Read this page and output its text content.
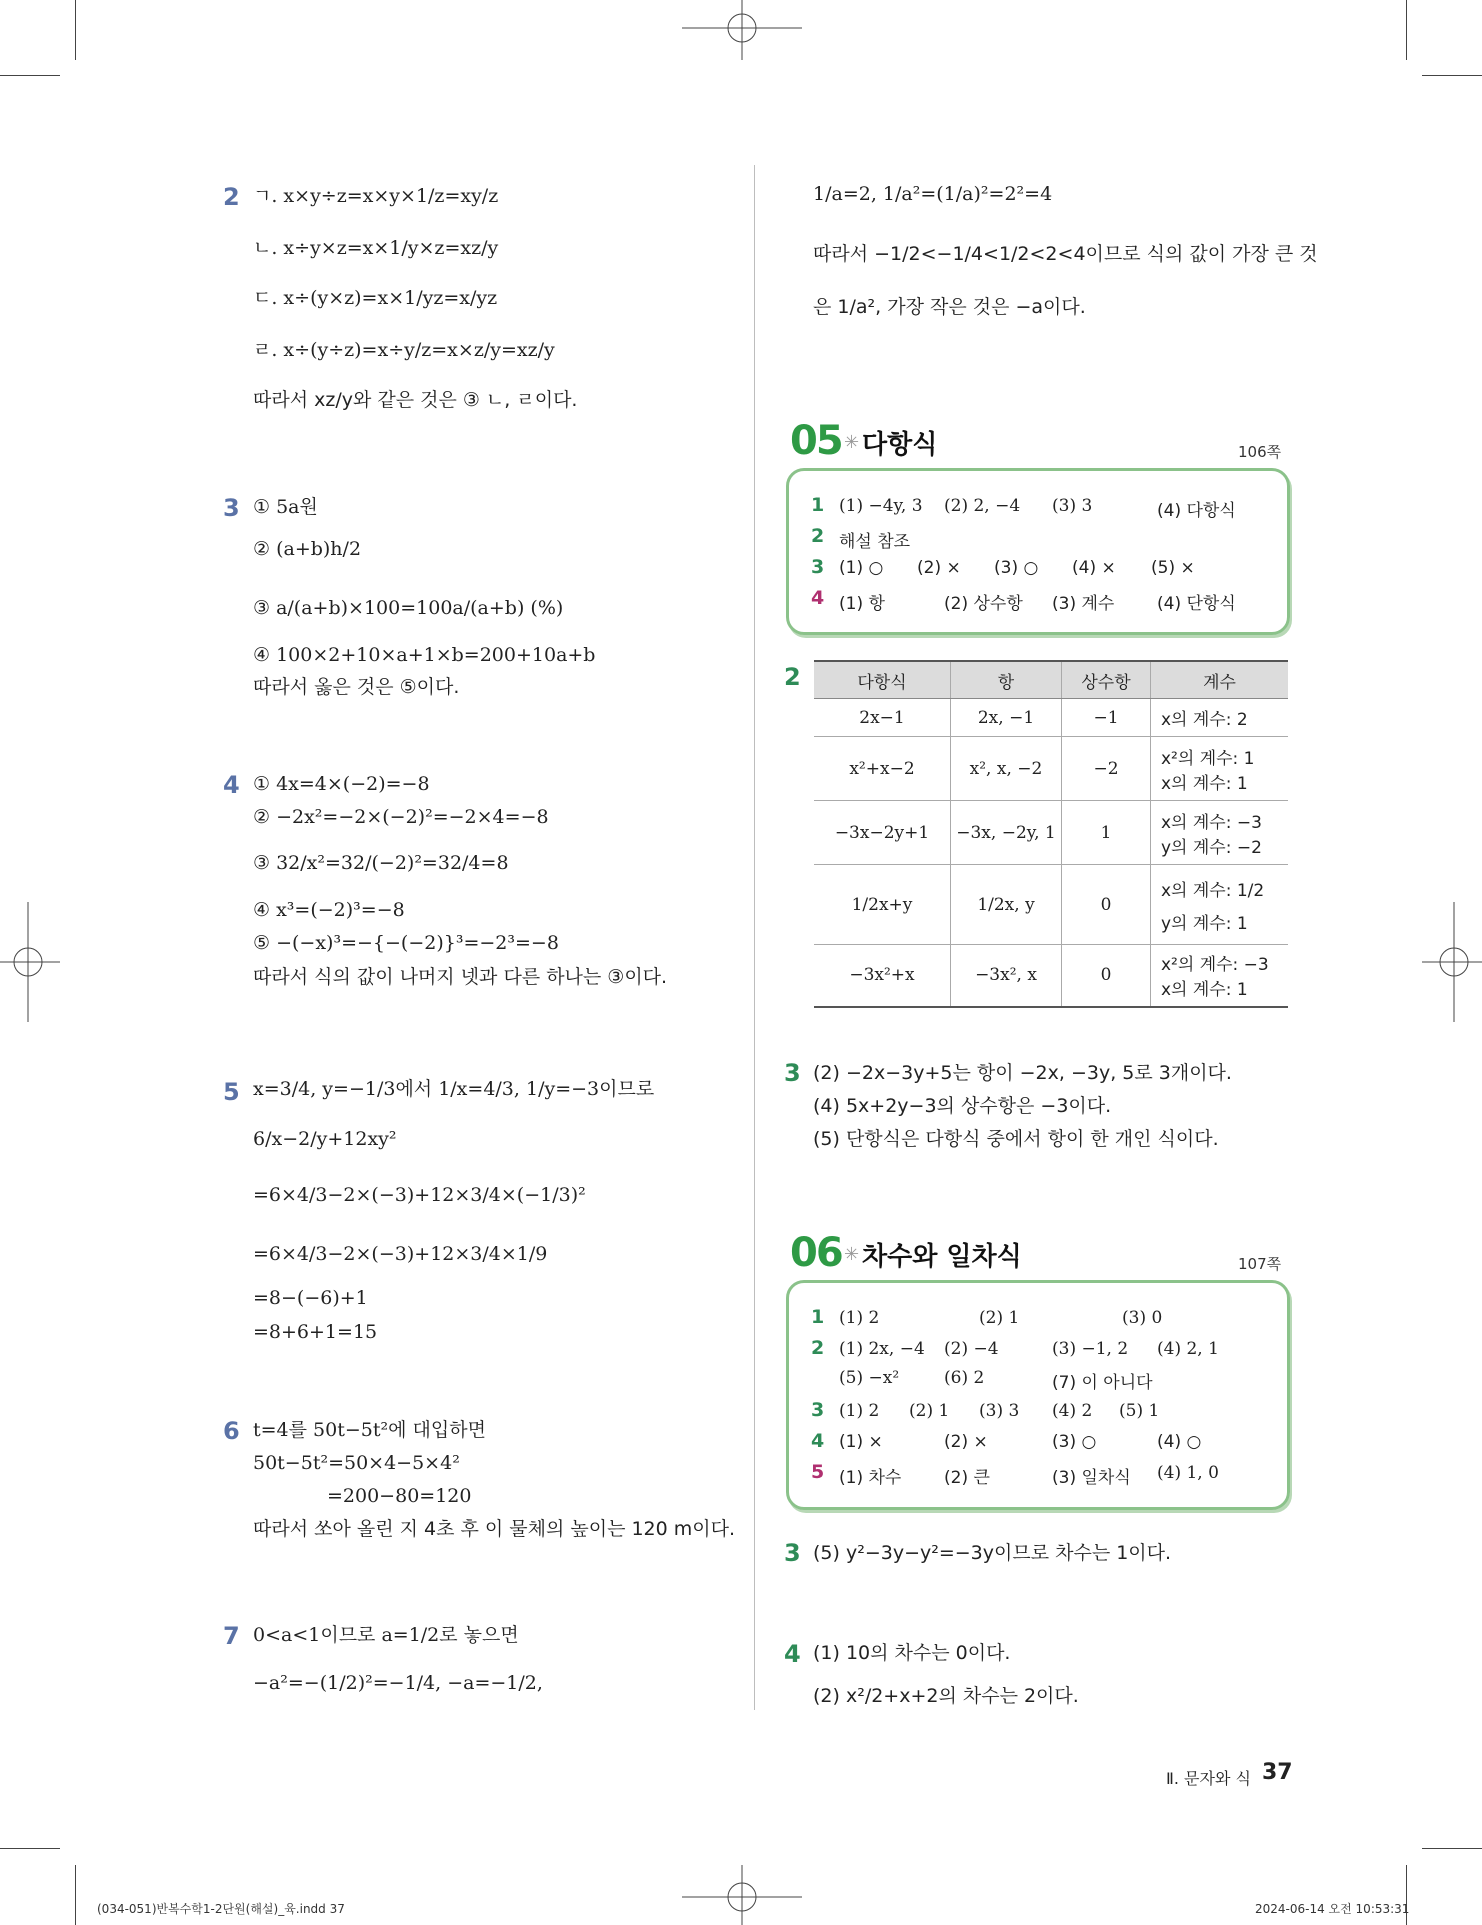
2 ㄱ. x×y÷z=x×y×1/z=xy/z
ㄴ. x÷y×z=x×1/y×z=xz/y
ㄷ. x÷(y×z)=x×1/yz=x/yz
ㄹ. x÷(y÷z)=x÷y/z=x×z/y=xz/y
따라서 xz/y와 같은 것은 ③ ㄴ, ㄹ이다.
3 ① 5a원
② (a+b)h/2
③ a/(a+b)×100=100a/(a+b) (%)
④ 100×2+10×a+1×b=200+10a+b
따라서 옳은 것은 ⑤이다.
4 ① 4x=4×(−2)=−8
② −2x²=−2×(−2)²=−2×4=−8
③ 32/x²=32/(−2)²=32/4=8
④ x³=(−2)³=−8
⑤ −(−x)³=−{−(−2)}³=−2³=−8
따라서 식의 값이 나머지 넷과 다른 하나는 ③이다.
5 x=3/4, y=−1/3에서 1/x=4/3, 1/y=−3이므로
6/x−2/y+12xy²
=6×4/3−2×(−3)+12×3/4×(−1/3)²
=6×4/3−2×(−3)+12×3/4×1/9
=8−(−6)+1
=8+6+1=15
6 t=4를 50t−5t²에 대입하면
50t−5t²=50×4−5×4²
=200−80=120
따라서 쏘아 올린 지 4초 후 이 물체의 높이는 120 m이다.
7 0<a<1이므로 a=1/2로 놓으면
−a²=−(1/2)²=−1/4, −a=−1/2,
1/a=2, 1/a²=(1/a)²=2²=4
따라서 −1/2<−1/4<1/2<2<4이므로 식의 값이 가장 큰 것
은 1/a², 가장 작은 것은 −a이다.
05 ✳ 다항식	106쪽
1 (1) −4y, 3 (2) 2, −4 (3) 3	(4) 다항식
2 해설 참조
3 (1) ○ (2) × (3) ○ (4) × (5) ×
4 (1) 항	(2) 상수항 (3) 계수	(4) 단항식
2	다항식	항	상수항	계수
2x−1	2x, −1	−1	x의 계수: 2

x²+x−2	x², x, −2	−2	x²의 계수: 1
x의 계수: 1

−3x−2y+1	−3x, −2y, 1	1	x의 계수: −3
y의 계수: −2

1/2x+y	1/2x, y	0	x의 계수: 1/2
y의 계수: 1

−3x²+x	−3x², x	0	x²의 계수: −3
x의 계수: 1
3 (2) −2x−3y+5는 항이 −2x, −3y, 5로 3개이다.
(4) 5x+2y−3의 상수항은 −3이다.
(5) 단항식은 다항식 중에서 항이 한 개인 식이다.
06 ✳ 차수와 일차식	107쪽
1 (1) 2	(2) 1	(3) 0
2 (1) 2x, −4 (2) −4	(3) −1, 2 (4) 2, 1
(5) −x²	(6) 2	(7) 이 아니다
3 (1) 2 (2) 1 (3) 3 (4) 2 (5) 1
4 (1) ×	(2) ×	(3) ○	(4) ○
5 (1) 차수	(2) 큰	(3) 일차식 (4) 1, 0
3 (5) y²−3y−y²=−3y이므로 차수는 1이다.
4 (1) 10의 차수는 0이다.
(2) x²/2+x+2의 차수는 2이다.
Ⅱ. 문자와 식 37
(034-051)반복수학1-2단원(해설)_육.indd 37	2024-06-14 오전 10:53:31
